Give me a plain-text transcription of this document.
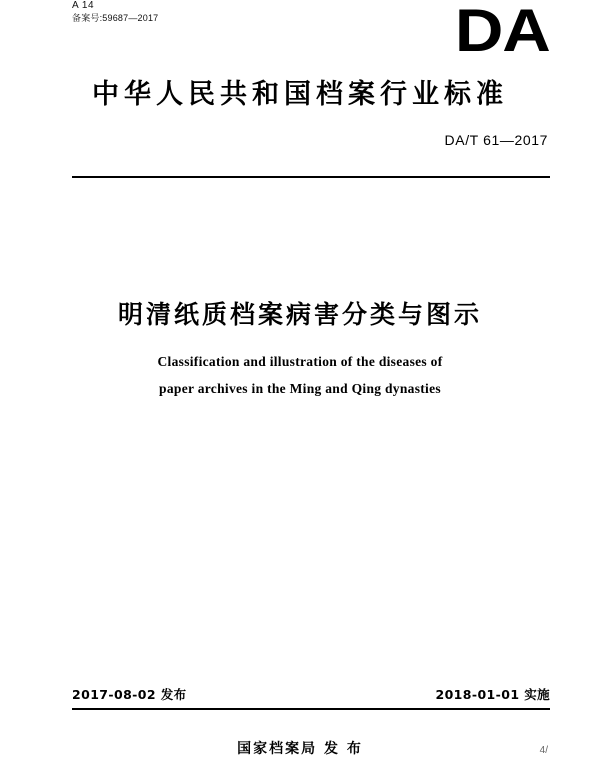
A 14
备案号:59687—2017	DA
中华人民共和国档案行业标准
DA/T 61—2017
明清纸质档案病害分类与图示
Classification and illustration of the diseases of
paper archives in the Ming and Qing dynasties
2017-08-02 发布	2018-01-01 实施
国家档案局 发 布	4/
